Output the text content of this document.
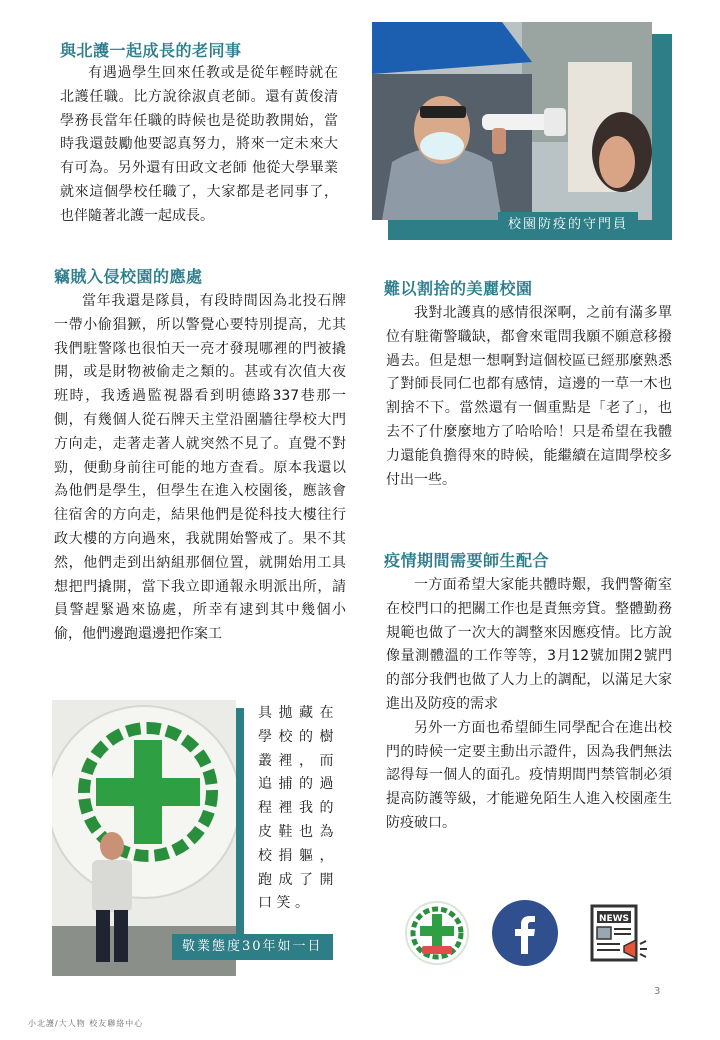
與北護一起成長的老同事

有遇過學生回來任教或是從年輕時就在北護任職。比方說徐淑貞老師。還有黃俊清學務長當年任職的時候也是從助教開始，當時我還鼓勵他要認真努力，將來一定未來大有可為。另外還有田政文老師 他從大學畢業就來這個學校任職了，大家都是老同事了，也伴隨著北護一起成長。

竊賊入侵校園的應處

當年我還是隊員，有段時間因為北投石牌一帶小偷猖獗，所以警覺心要特別提高，尤其我們駐警隊也很怕天一亮才發現哪裡的門被撬開，或是財物被偷走之類的。甚或有次值大夜班時，我透過監視器看到明德路337巷那一側，有幾個人從石牌天主堂沿圍牆往學校大門方向走，走著走著人就突然不見了。直覺不對勁，便動身前往可能的地方查看。原本我還以為他們是學生，但學生在進入校園後，應該會往宿舍的方向走，結果他們是從科技大樓往行政大樓的方向過來，我就開始警戒了。果不其然，他們走到出納組那個位置，就開始用工具想把門撬開，當下我立即通報永明派出所，請員警趕緊過來協處，所幸有逮到其中幾個小偷，他們邊跑還邊把作案工

具拋藏在
學校的樹
叢裡，而
追捕的過
程裡我的
皮鞋也為
校捐軀，
跑成了開
口笑。
校園防疫的守門員
難以割捨的美麗校園

我對北護真的感情很深啊，之前有滿多單位有駐衛警職缺，都會來電問我願不願意移撥過去。但是想一想啊對這個校區已經那麼熟悉了對師長同仁也都有感情，這邊的一草一木也割捨不下。當然還有一個重點是「老了」，也去不了什麼麼地方了哈哈哈！只是希望在我體力還能負擔得來的時候，能繼續在這間學校多付出一些。

疫情期間需要師生配合

一方面希望大家能共體時艱，我們警衛室在校門口的把關工作也是責無旁貸。整體勤務規範也做了一次大的調整來因應疫情。比方說像量測體溫的工作等等，3月12號加開2號門的部分我們也做了人力上的調配，以滿足大家進出及防疫的需求

另外一方面也希望師生同學配合在進出校門的時候一定要主動出示證件，因為我們無法認得每一個人的面孔。疫情期間門禁管制必須提高防護等級，才能避免陌生人進入校園產生防疫破口。

敬業態度30年如一日
NEWS
3
小北護/大人物 校友聯絡中心
